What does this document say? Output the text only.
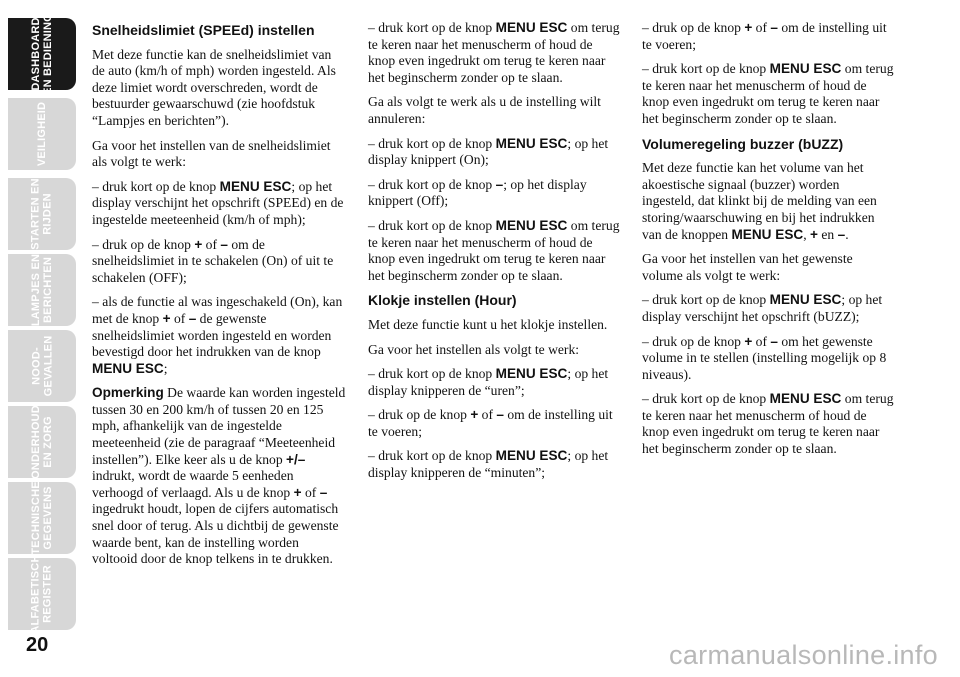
DASHBOARD
EN BEDIENING
VEILIGHEID
STARTEN EN
RIJDEN
LAMPJES EN
BERICHTEN
NOOD-
GEVALLEN
ONDERHOUD
EN ZORG
TECHNISCHE
GEGEVENS
ALFABETISCH
REGISTER
20
Snelheidslimiet (SPEEd) instellen

Met deze functie kan de snelheidslimiet van de auto (km/h of mph) worden ingesteld. Als deze limiet wordt overschreden, wordt de bestuurder gewaarschuwd (zie hoofdstuk “Lampjes en berichten”).

Ga voor het instellen van de snelheidslimiet als volgt te werk:

– druk kort op de knop MENU ESC; op het display verschijnt het opschrift (SPEEd) en de ingestelde meeteenheid (km/h of mph);

– druk op de knop + of – om de snelheidslimiet in te schakelen (On) of uit te schakelen (OFF);

– als de functie al was ingeschakeld (On), kan met de knop + of – de gewenste snelheidslimiet worden ingesteld en worden bevestigd door het indrukken van de knop MENU ESC;

Opmerking De waarde kan worden ingesteld tussen 30 en 200 km/h of tussen 20 en 125 mph, afhankelijk van de ingestelde meeteenheid (zie de paragraaf “Meeteenheid instellen”). Elke keer als u de knop +/– indrukt, wordt de waarde 5 eenheden verhoogd of verlaagd. Als u de knop + of – ingedrukt houdt, lopen de cijfers automatisch snel door of terug. Als u dichtbij de gewenste waarde bent, kan de instelling worden voltooid door de knop telkens in te drukken.

– druk kort op de knop MENU ESC om terug te keren naar het menuscherm of houd de knop even ingedrukt om terug te keren naar het beginscherm zonder op te slaan.

Ga als volgt te werk als u de instelling wilt annuleren:

– druk kort op de knop MENU ESC; op het display knippert (On);

– druk kort op de knop –; op het display knippert (Off);

– druk kort op de knop MENU ESC om terug te keren naar het menuscherm of houd de knop even ingedrukt om terug te keren naar het beginscherm zonder op te slaan.

Klokje instellen (Hour)

Met deze functie kunt u het klokje instellen.

Ga voor het instellen als volgt te werk:

– druk kort op de knop MENU ESC; op het display knipperen de “uren”;

– druk op de knop + of – om de instelling uit te voeren;

– druk kort op de knop MENU ESC; op het display knipperen de “minuten”;

– druk op de knop + of – om de instelling uit te voeren;

– druk kort op de knop MENU ESC om terug te keren naar het menuscherm of houd de knop even ingedrukt om terug te keren naar het beginscherm zonder op te slaan.

Volumeregeling buzzer (bUZZ)

Met deze functie kan het volume van het akoestische signaal (buzzer) worden ingesteld, dat klinkt bij de melding van een storing/waarschuwing en bij het indrukken van de knoppen MENU ESC, + en –.

Ga voor het instellen van het gewenste volume als volgt te werk:

– druk kort op de knop MENU ESC; op het display verschijnt het opschrift (bUZZ);

– druk op de knop + of – om het gewenste volume in te stellen (instelling mogelijk op 8 niveaus).

– druk kort op de knop MENU ESC om terug te keren naar het menuscherm of houd de knop even ingedrukt om terug te keren naar het beginscherm zonder op te slaan.

carmanualsonline.info
